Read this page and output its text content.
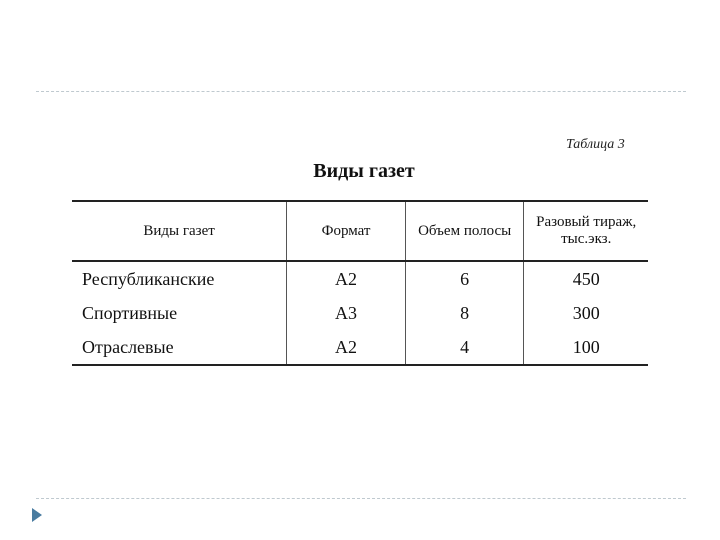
Таблица 3
Виды газет
Виды газет	Формат	Объем полосы	Разовый тираж, тыс.экз.
Республиканские	А2	6	450
Спортивные	А3	8	300
Отраслевые	А2	4	100
